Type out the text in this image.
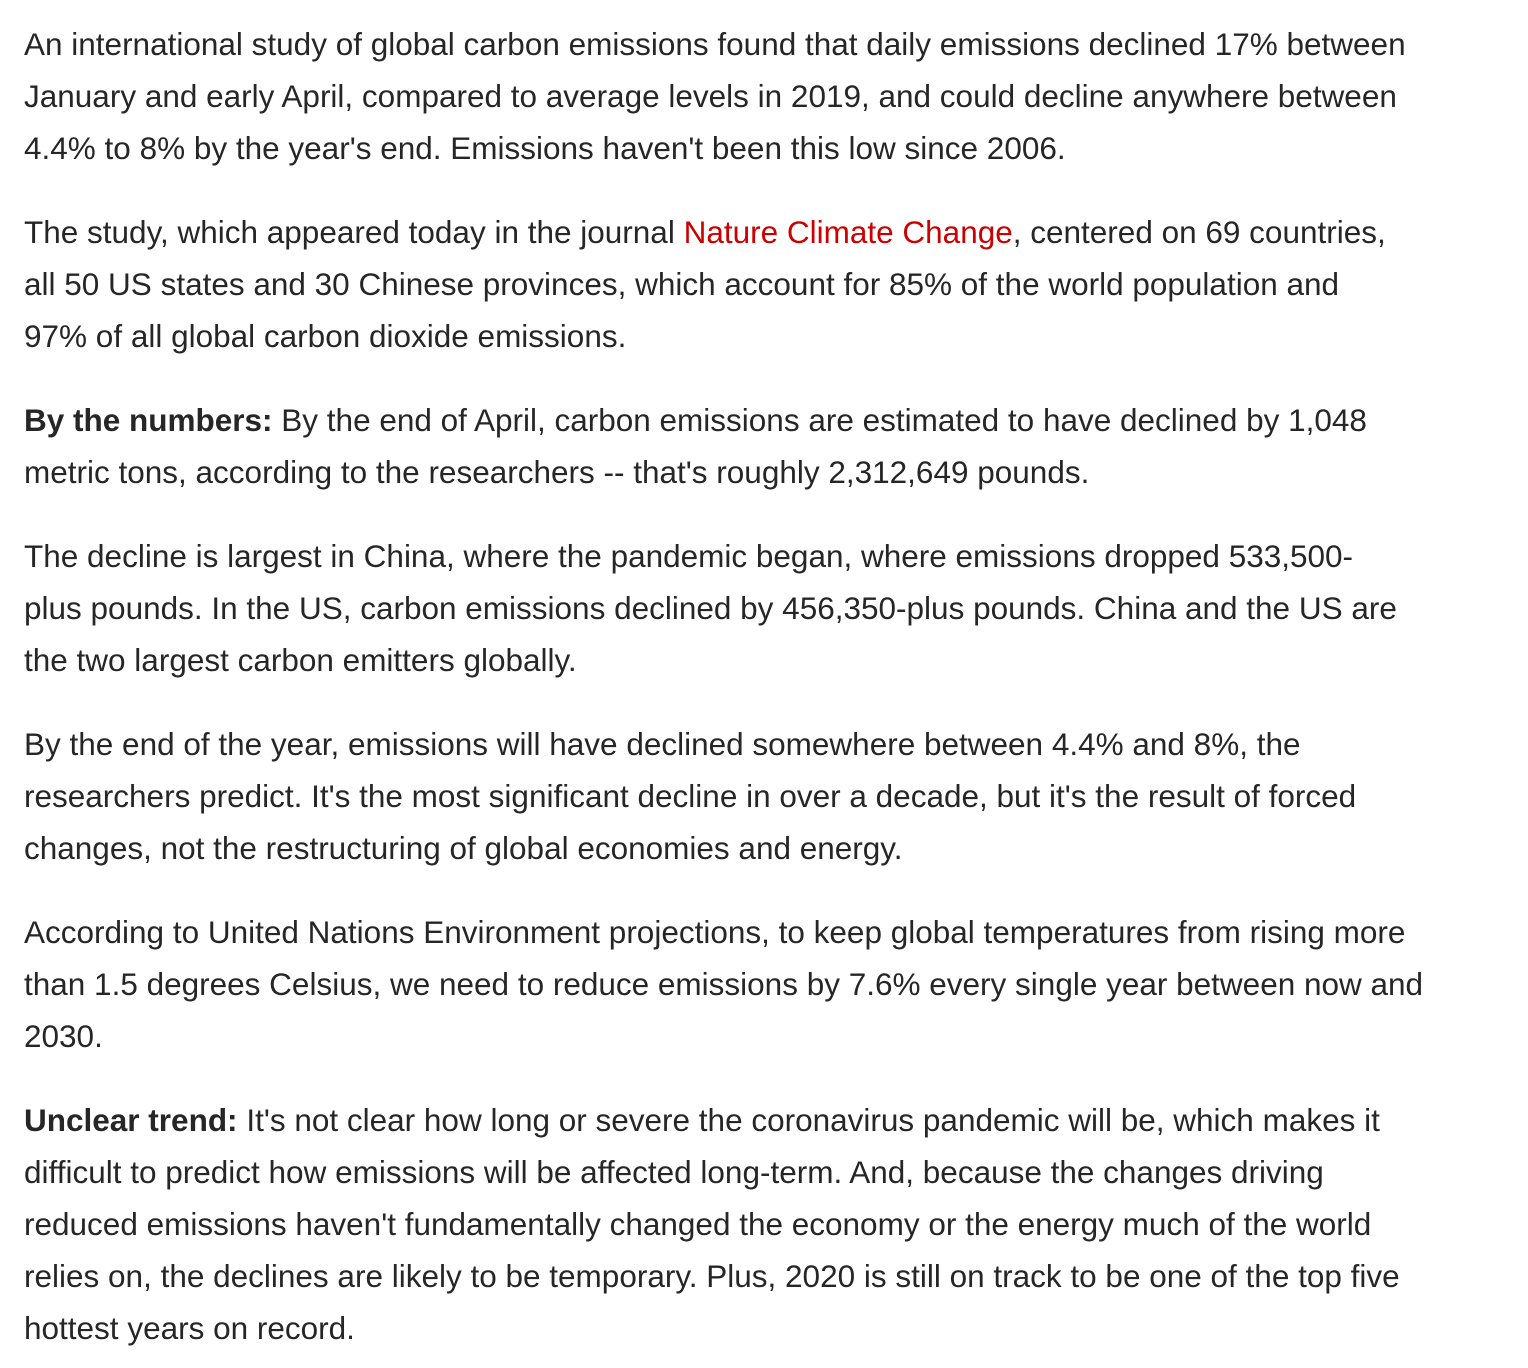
An international study of global carbon emissions found that daily emissions declined 17% between
January and early April, compared to average levels in 2019, and could decline anywhere between
4.4% to 8% by the year's end. Emissions haven't been this low since 2006.

The study, which appeared today in the journal Nature Climate Change, centered on 69 countries,
all 50 US states and 30 Chinese provinces, which account for 85% of the world population and
97% of all global carbon dioxide emissions.

By the numbers: By the end of April, carbon emissions are estimated to have declined by 1,048
metric tons, according to the researchers -- that's roughly 2,312,649 pounds.

The decline is largest in China, where the pandemic began, where emissions dropped 533,500-
plus pounds. In the US, carbon emissions declined by 456,350-plus pounds. China and the US are
the two largest carbon emitters globally.

By the end of the year, emissions will have declined somewhere between 4.4% and 8%, the
researchers predict. It's the most significant decline in over a decade, but it's the result of forced
changes, not the restructuring of global economies and energy.

According to United Nations Environment projections, to keep global temperatures from rising more
than 1.5 degrees Celsius, we need to reduce emissions by 7.6% every single year between now and
2030.

Unclear trend: It's not clear how long or severe the coronavirus pandemic will be, which makes it
difficult to predict how emissions will be affected long-term. And, because the changes driving
reduced emissions haven't fundamentally changed the economy or the energy much of the world
relies on, the declines are likely to be temporary. Plus, 2020 is still on track to be one of the top five
hottest years on record.
